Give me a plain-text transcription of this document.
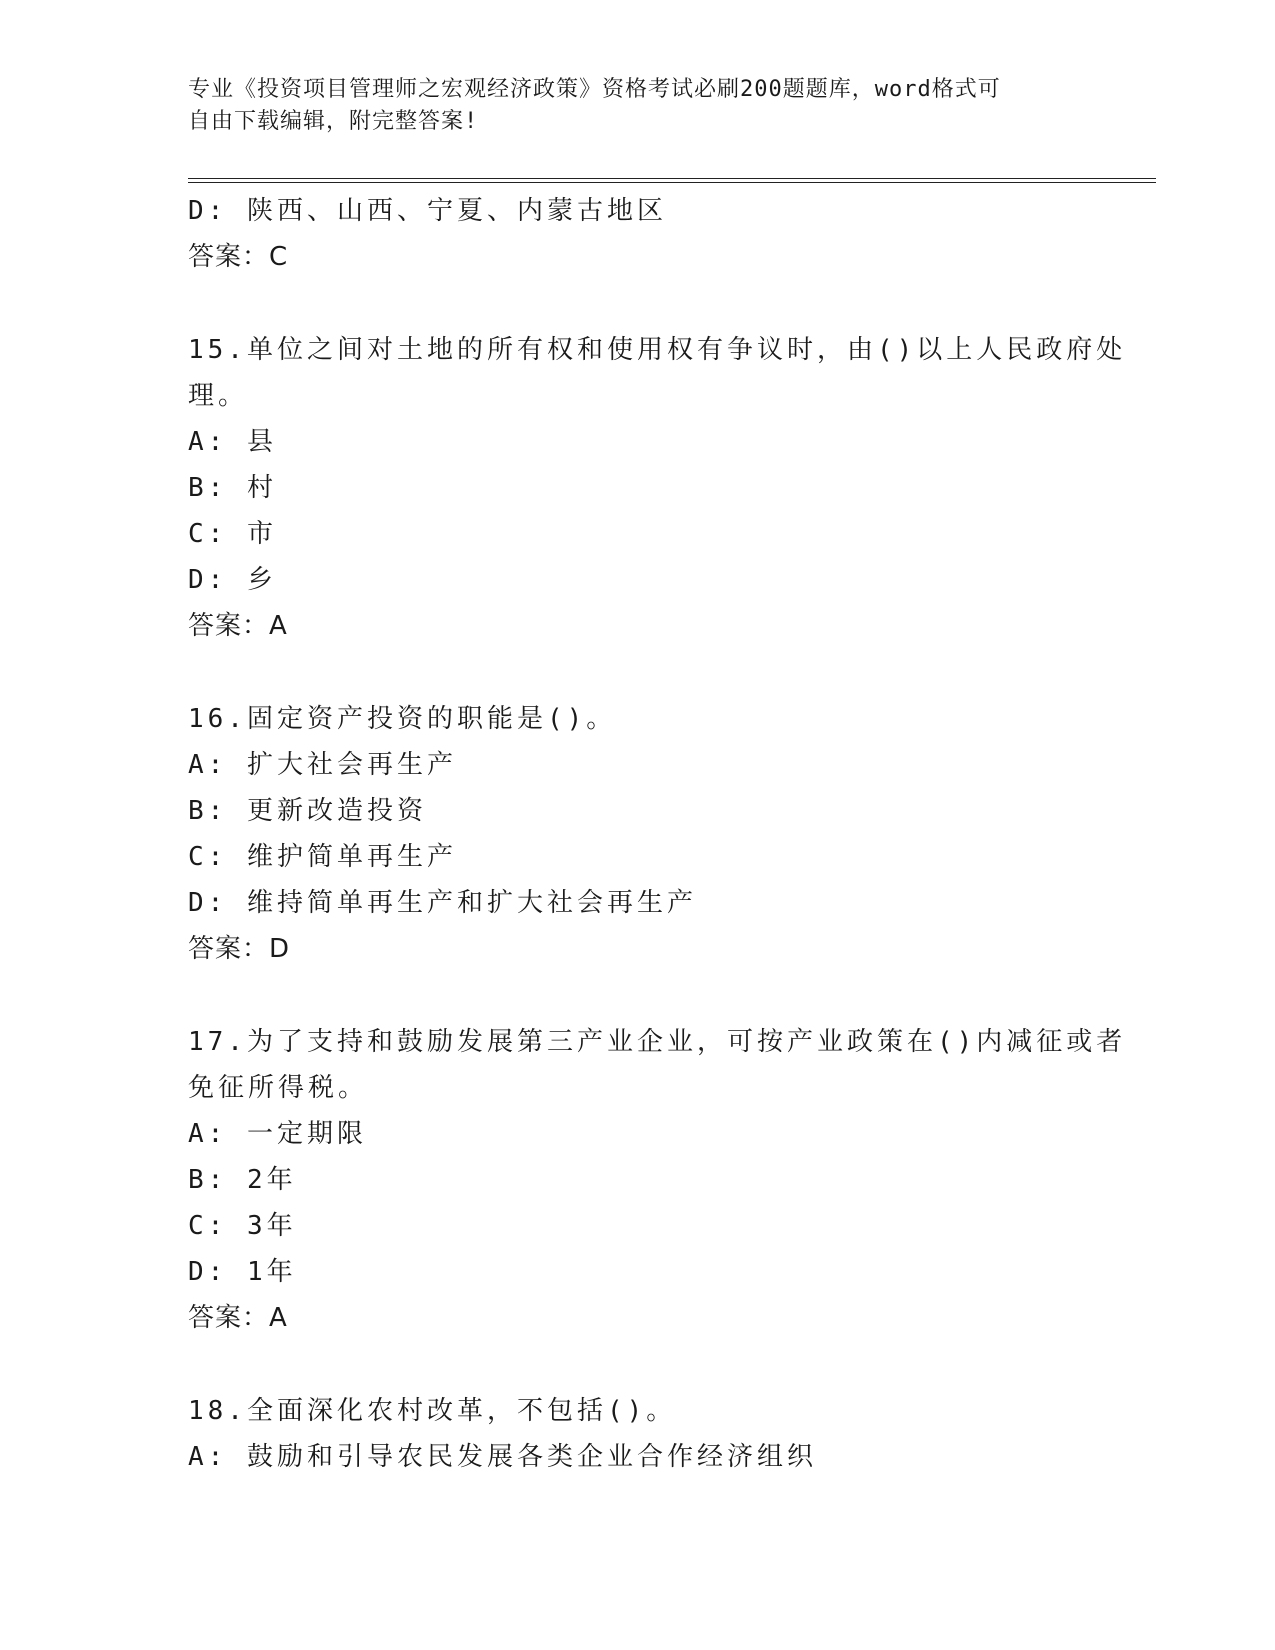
专业《投资项目管理师之宏观经济政策》资格考试必刷200题题库，word格式可
自由下载编辑，附完整答案!
D: 陕西、山西、宁夏、内蒙古地区
答案：C
15.单位之间对土地的所有权和使用权有争议时，由()以上人民政府处
理。
A: 县
B: 村
C: 市
D: 乡
答案：A
16.固定资产投资的职能是()。
A: 扩大社会再生产
B: 更新改造投资
C: 维护简单再生产
D: 维持简单再生产和扩大社会再生产
答案：D
17.为了支持和鼓励发展第三产业企业，可按产业政策在()内减征或者
免征所得税。
A: 一定期限
B: 2年
C: 3年
D: 1年
答案：A
18.全面深化农村改革，不包括()。
A: 鼓励和引导农民发展各类企业合作经济组织
